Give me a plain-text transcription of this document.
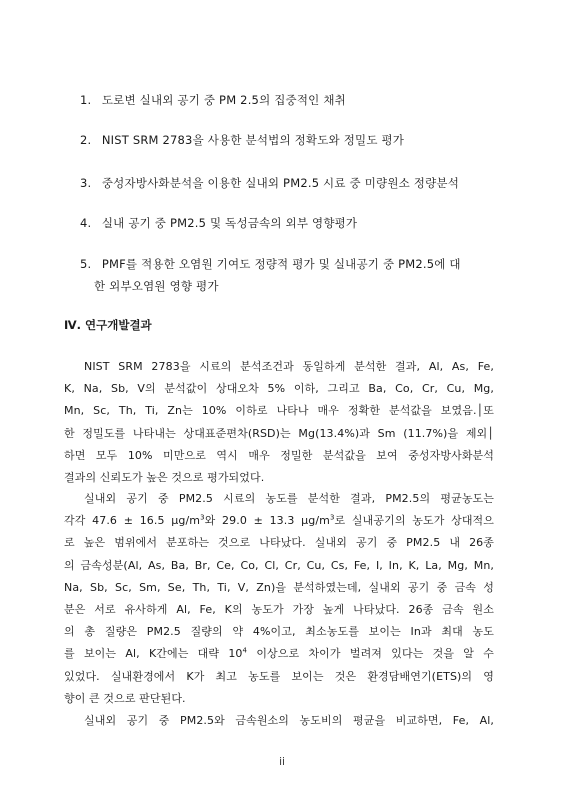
1. 도로변 실내외 공기 중 PM 2.5의 집중적인 채취
2. NIST SRM 2783을 사용한 분석법의 정확도와 정밀도 평가
3. 중성자방사화분석을 이용한 실내외 PM2.5 시료 중 미량원소 정량분석
4. 실내 공기 중 PM2.5 및 독성금속의 외부 영향평가
5. PMF를 적용한 오염원 기여도 정량적 평가 및 실내공기 중 PM2.5에 대
한 외부오염원 영향 평가
Ⅳ. 연구개발결과
NIST SRM 2783을 시료의 분석조건과 동일하게 분석한 결과, Al, As, Fe,
K, Na, Sb, V의 분석값이 상대오차 5% 이하, 그리고 Ba, Co, Cr, Cu, Mg,
Mn, Sc, Th, Ti, Zn는 10% 이하로 나타나 매우 정확한 분석값을 보였음.│또
한 정밀도를 나타내는 상대표준편차(RSD)는 Mg(13.4%)과 Sm (11.7%)을 제외│
하면 모두 10% 미만으로 역시 매우 정밀한 분석값을 보여 중성자방사화분석
결과의 신뢰도가 높은 것으로 평가되었다.
실내외 공기 중 PM2.5 시료의 농도를 분석한 결과, PM2.5의 평균농도는
각각 47.6 ± 16.5 $\mu g/m^3$와 29.0 ± 13.3 $\mu g/m^3$로 실내공기의 농도가 상대적으
로 높은 범위에서 분포하는 것으로 나타났다. 실내외 공기 중 PM2.5 내 26종
의 금속성분(Al, As, Ba, Br, Ce, Co, Cl, Cr, Cu, Cs, Fe, I, In, K, La, Mg, Mn,
Na, Sb, Sc, Sm, Se, Th, Ti, V, Zn)을 분석하였는데, 실내외 공기 중 금속 성
분은 서로 유사하게 Al, Fe, K의 농도가 가장 높게 나타났다. 26종 금속 원소
의 총 질량은 PM2.5 질량의 약 4%이고, 최소농도를 보이는 In과 최대 농도
를 보이는 Al, K간에는 대략 $10^4$ 이상으로 차이가 벌려져 있다는 것을 알 수
있었다. 실내환경에서 K가 최고 농도를 보이는 것은 환경담배연기(ETS)의 영
향이 큰 것으로 판단된다.
실내외 공기 중 PM2.5와 금속원소의 농도비의 평균을 비교하면, Fe, Al,
ii
